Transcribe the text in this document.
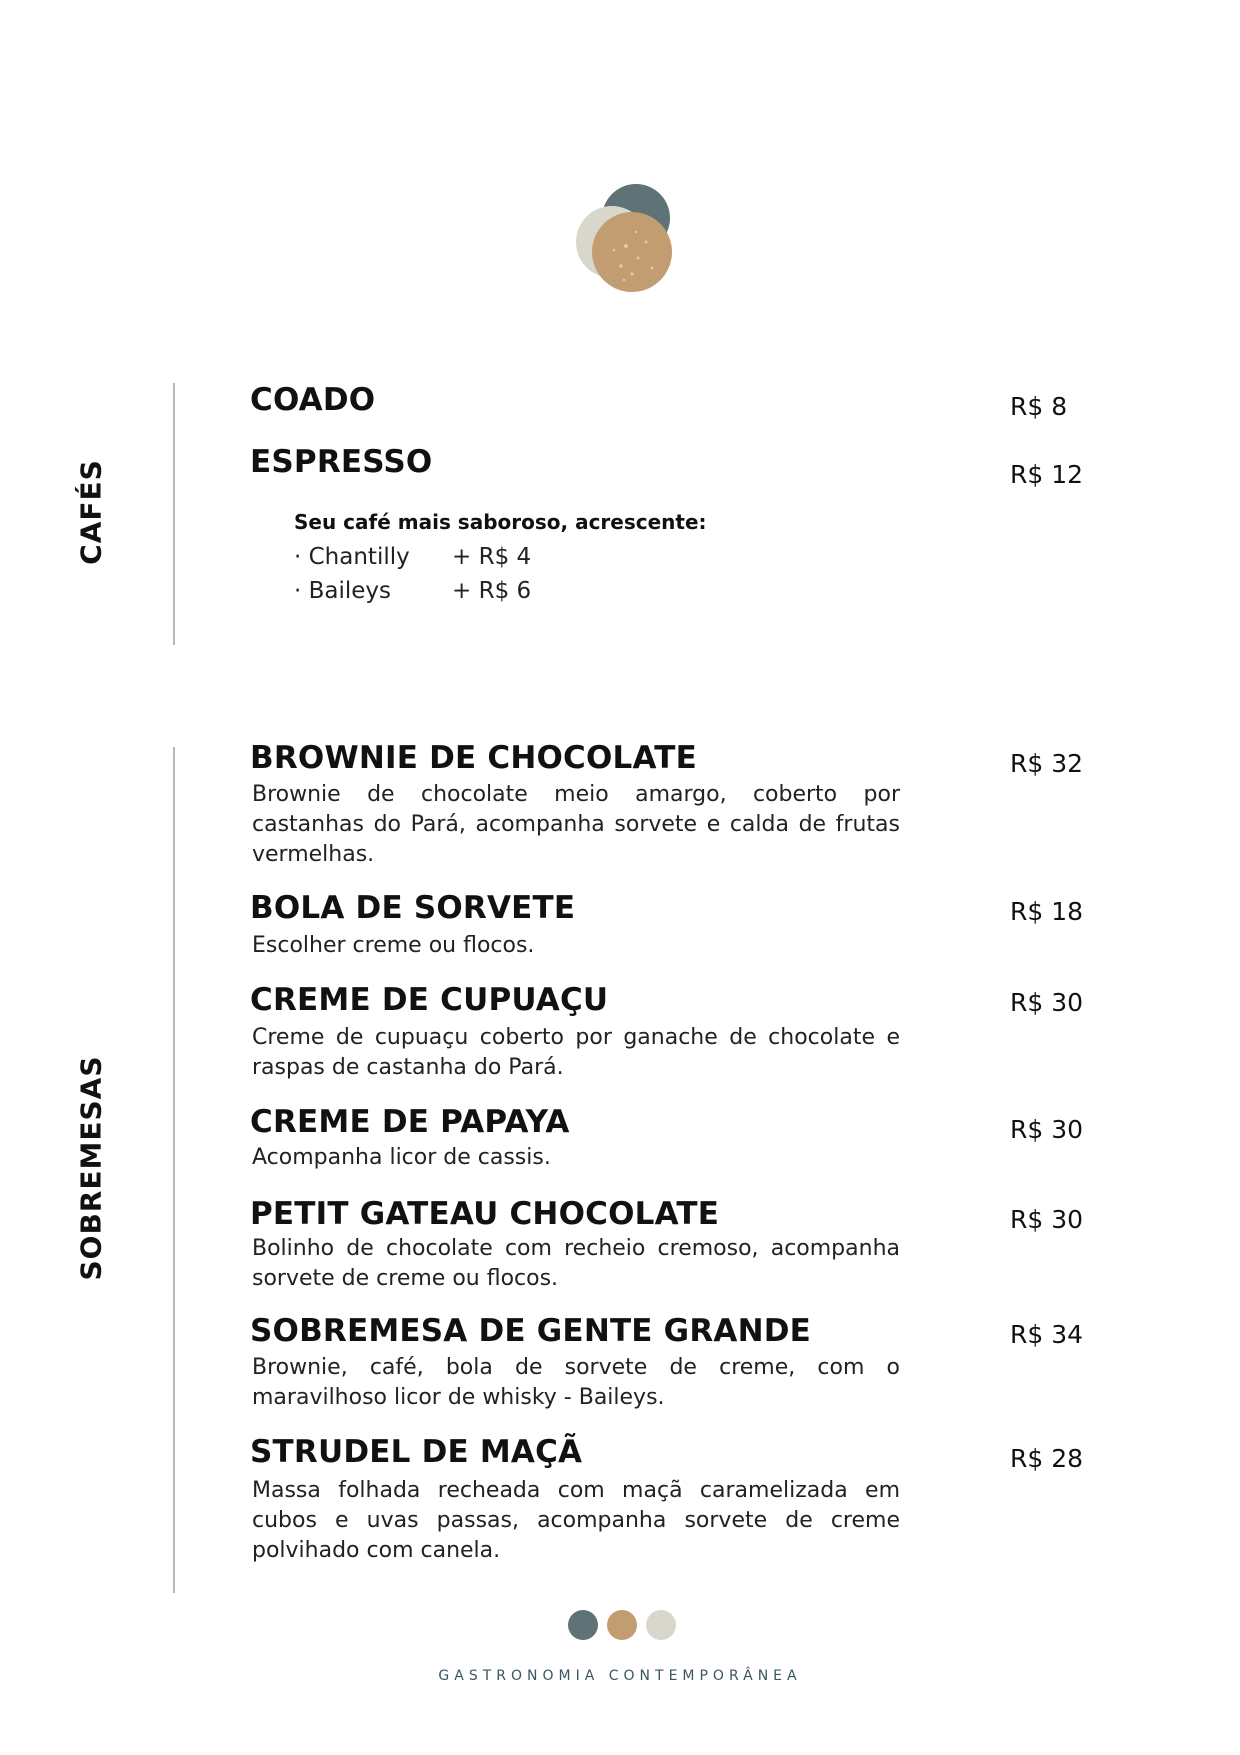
CAFÉS
COADO	R$ 8
ESPRESSO	R$ 12
Seu café mais saboroso, acrescente:
· Chantilly + R$ 4
· Baileys	+ R$ 6
SOBREMESAS
BROWNIE DE CHOCOLATE	R$ 32
Brownie de chocolate meio amargo, coberto por castanhas do Pará, acompanha sorvete e calda de frutas vermelhas.
BOLA DE SORVETE	R$ 18
Escolher creme ou flocos.
CREME DE CUPUAÇU	R$ 30
Creme de cupuaçu coberto por ganache de chocolate e raspas de castanha do Pará.
CREME DE PAPAYA	R$ 30
Acompanha licor de cassis.
PETIT GATEAU CHOCOLATE	R$ 30
Bolinho de chocolate com recheio cremoso, acompanha sorvete de creme ou flocos.
SOBREMESA DE GENTE GRANDE	R$ 34
Brownie, café, bola de sorvete de creme, com o maravilhoso licor de whisky - Baileys.
STRUDEL DE MAÇÃ	R$ 28
Massa folhada recheada com maçã caramelizada em cubos e uvas passas, acompanha sorvete de creme polvihado com canela.
GASTRONOMIA CONTEMPORÂNEA
